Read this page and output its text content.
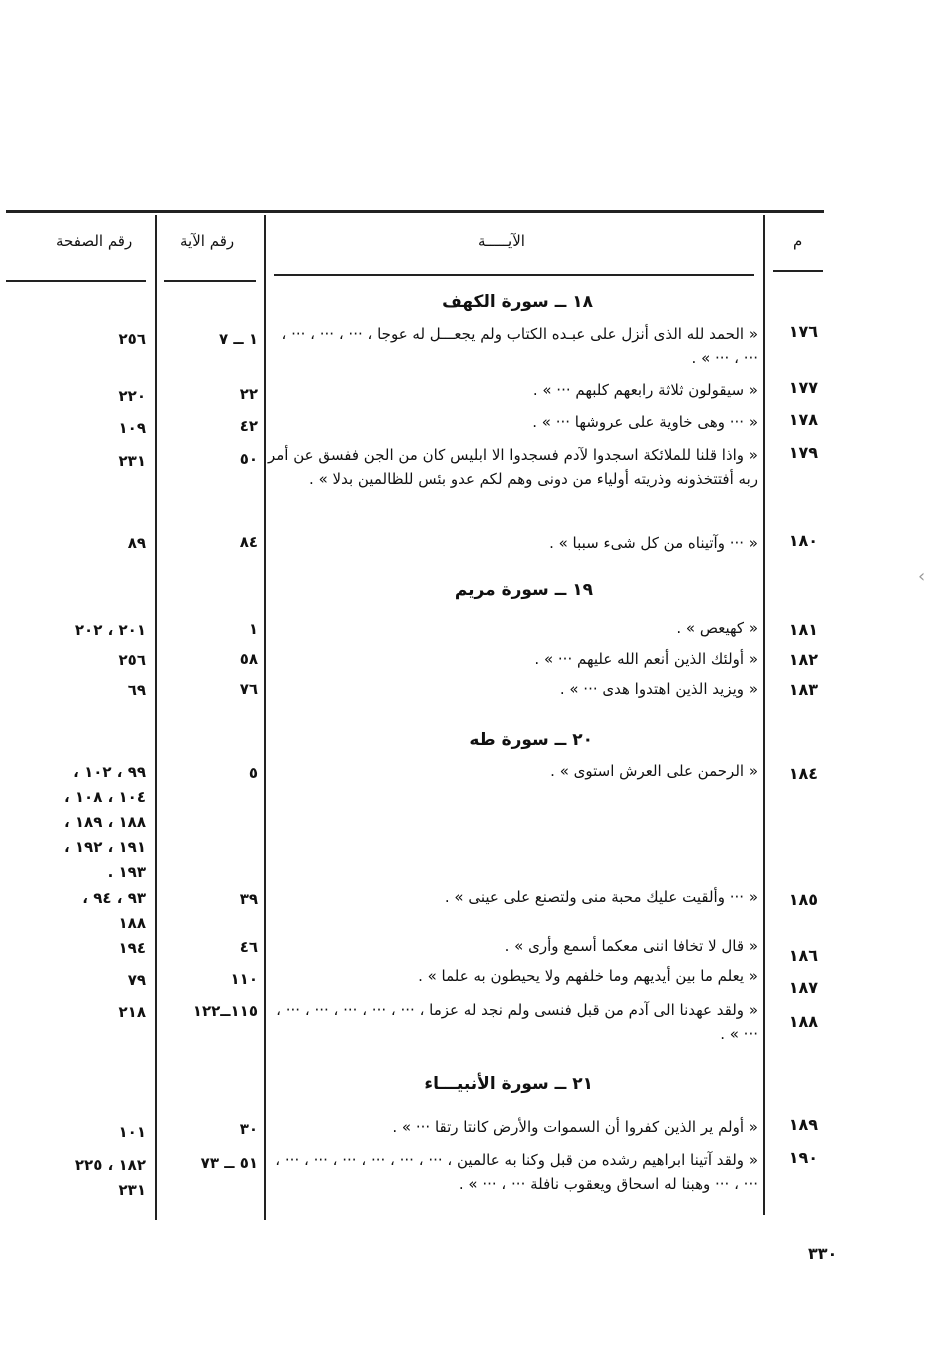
م
الآيـــــة
رقم الآية
رقم الصفحة
١٨ ــ سورة الكهف
١٧٦
« الحمد لله الذى أنزل على عبـده الكتاب ولم يجعـــل له عوجا ، ··· ، ··· ، ··· ، ··· ، ··· » .
١ ــ ٧
٢٥٦
١٧٧
« سيقولون ثلاثة رابعهم كلبهم ··· » .
٢٢
٢٢٠
١٧٨
« ··· وهى خاوية على عروشها ··· » .
٤٢
١٠٩
١٧٩
« واذا قلنا للملائكة اسجدوا لآدم فسجدوا الا ابليس كان من الجن ففسق عن أمر ربه أفتتخذونه وذريته أولياء من دونى وهم لكم عدو بئس للظالمين بدلا » .
٥٠
٢٣١
١٨٠
« ··· وآتيناه من كل شىء سببا » .
٨٤
٨٩
١٩ ــ سورة مريم
١٨١
« كهيعص » .
١
٢٠١ ، ٢٠٢
١٨٢
« أولئك الذين أنعم الله عليهم ··· » .
٥٨
٢٥٦
١٨٣
« ويزيد الذين اهتدوا هدى ··· » .
٧٦
٦٩
٢٠ ــ سورة طه
١٨٤
« الرحمن على العرش استوى » .
٥
٩٩ ، ١٠٢ ،
١٠٤ ، ١٠٨ ،
١٨٨ ، ١٨٩ ،
١٩١ ، ١٩٢ ،
١٩٣ .
١٨٥
« ··· وألقيت عليك محبة منى ولتصنع على عينى » .
٣٩
٩٣ ، ٩٤ ،
١٨٨
١٨٦
« قال لا تخافا اننى معكما أسمع وأرى » .
٤٦
١٩٤
١٨٧
« يعلم ما بين أيديهم وما خلفهم ولا يحيطون به علما » .
١١٠
٧٩
١٨٨
« ولقد عهدنا الى آدم من قبل فنسى ولم نجد له عزما ، ··· ، ··· ، ··· ، ··· ، ··· ، ··· » .
١١٥ــ١٢٢
٢١٨
٢١ ــ سورة الأنبيـــاء
١٨٩
« أولم ير الذين كفروا أن السموات والأرض كانتا رتقا ··· » .
٣٠
١٠١
١٩٠
« ولقد آتينا ابراهيم رشده من قبل وكنا به عالمين ، ··· ، ··· ، ··· ، ··· ، ··· ، ··· ، ··· ، ··· وهبنا له اسحاق ويعقوب نافلة ··· ، ··· » .
٥١ ــ ٧٣
١٨٢ ، ٢٢٥
٢٣١
٣٣٠
‹
